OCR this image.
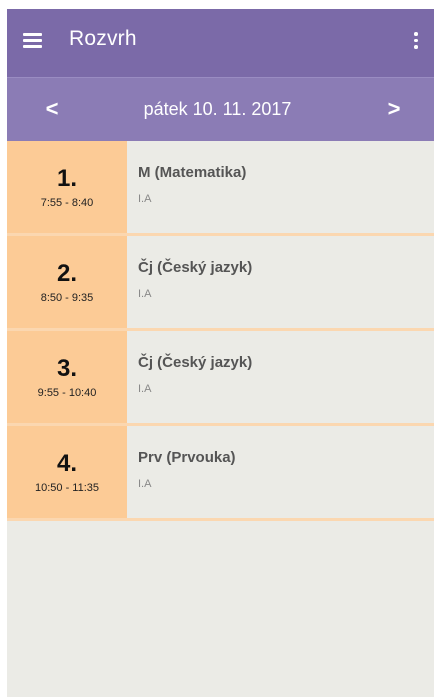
Rozvrh
<	pátek 10. 11. 2017	>
1.
7:55 - 8:40
M (Matematika)
I.A
2.
8:50 - 9:35
Čj (Český jazyk)
I.A
3.
9:55 - 10:40
Čj (Český jazyk)
I.A
4.
10:50 - 11:35
Prv (Prvouka)
I.A
